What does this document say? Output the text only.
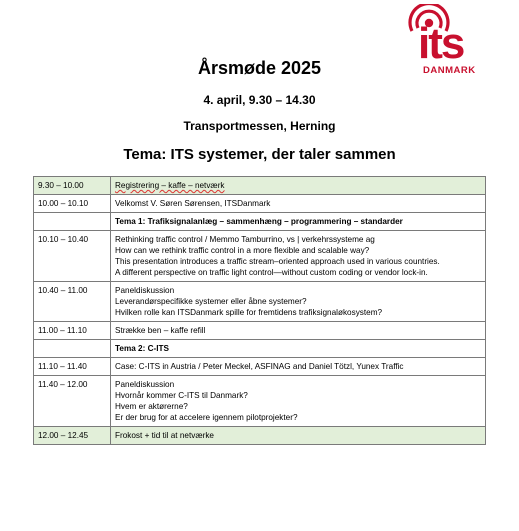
its
DANMARK
Årsmøde 2025
4. april, 9.30 – 14.30
Transportmessen, Herning
Tema: ITS systemer, der taler sammen
9.30 – 10.00	Registrering – kaffe – netværk

10.00 – 10.10	Velkomst V. Søren Sørensen, ITSDanmark

	Tema 1: Trafiksignalanlæg – sammenhæng – programmering – standarder

10.10 – 10.40	Rethinking traffic control / Memmo Tamburrino, vs | verkehrssysteme ag
How can we rethink traffic control in a more flexible and scalable way?
This presentation introduces a traffic stream–oriented approach used in various countries.
A different perspective on traffic light control—without custom coding or vendor lock-in.

10.40 – 11.00	Paneldiskussion
Leverandørspecifikke systemer eller åbne systemer?
Hvilken rolle kan ITSDanmark spille for fremtidens trafiksignaløkosystem?

11.00 – 11.10	Strække ben – kaffe refill

	Tema 2: C-ITS

11.10 – 11.40	Case: C-ITS in Austria / Peter Meckel, ASFINAG and Daniel Tötzl, Yunex Traffic

11.40 – 12.00	Paneldiskussion
Hvornår kommer C-ITS til Danmark?
Hvem er aktørerne?
Er der brug for at accelere igennem pilotprojekter?

12.00 – 12.45	Frokost + tid til at netværke
